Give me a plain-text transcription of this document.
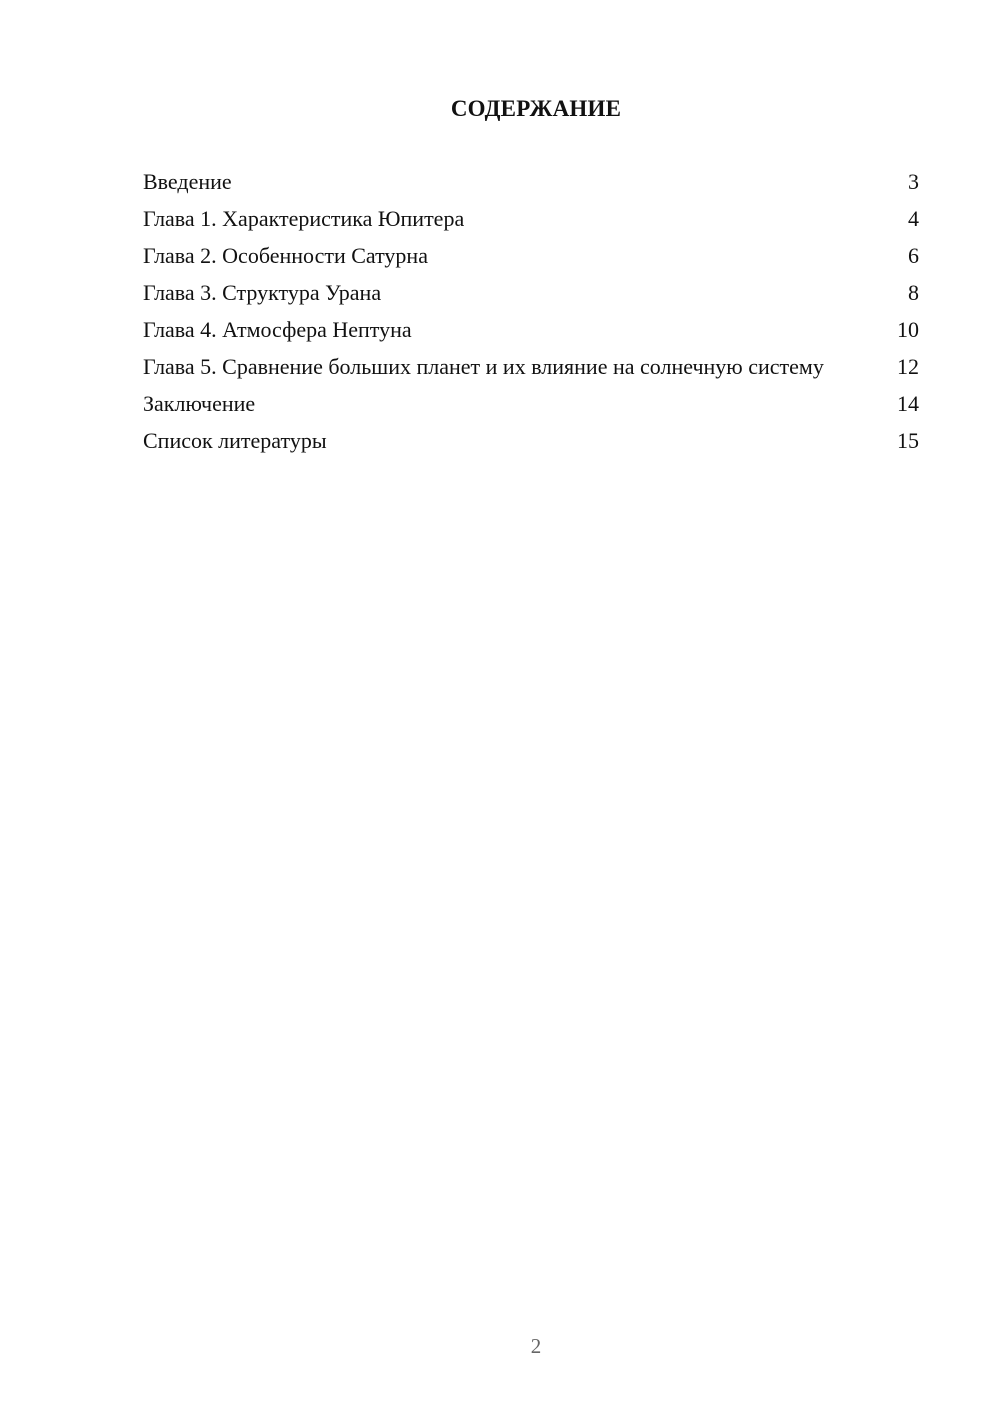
СОДЕРЖАНИЕ
Введение	3
Глава 1. Характеристика Юпитера	4
Глава 2. Особенности Сатурна	6
Глава 3. Структура Урана	8
Глава 4. Атмосфера Нептуна	10
Глава 5. Сравнение больших планет и их влияние на солнечную систему	12
Заключение	14
Список литературы	15
2
